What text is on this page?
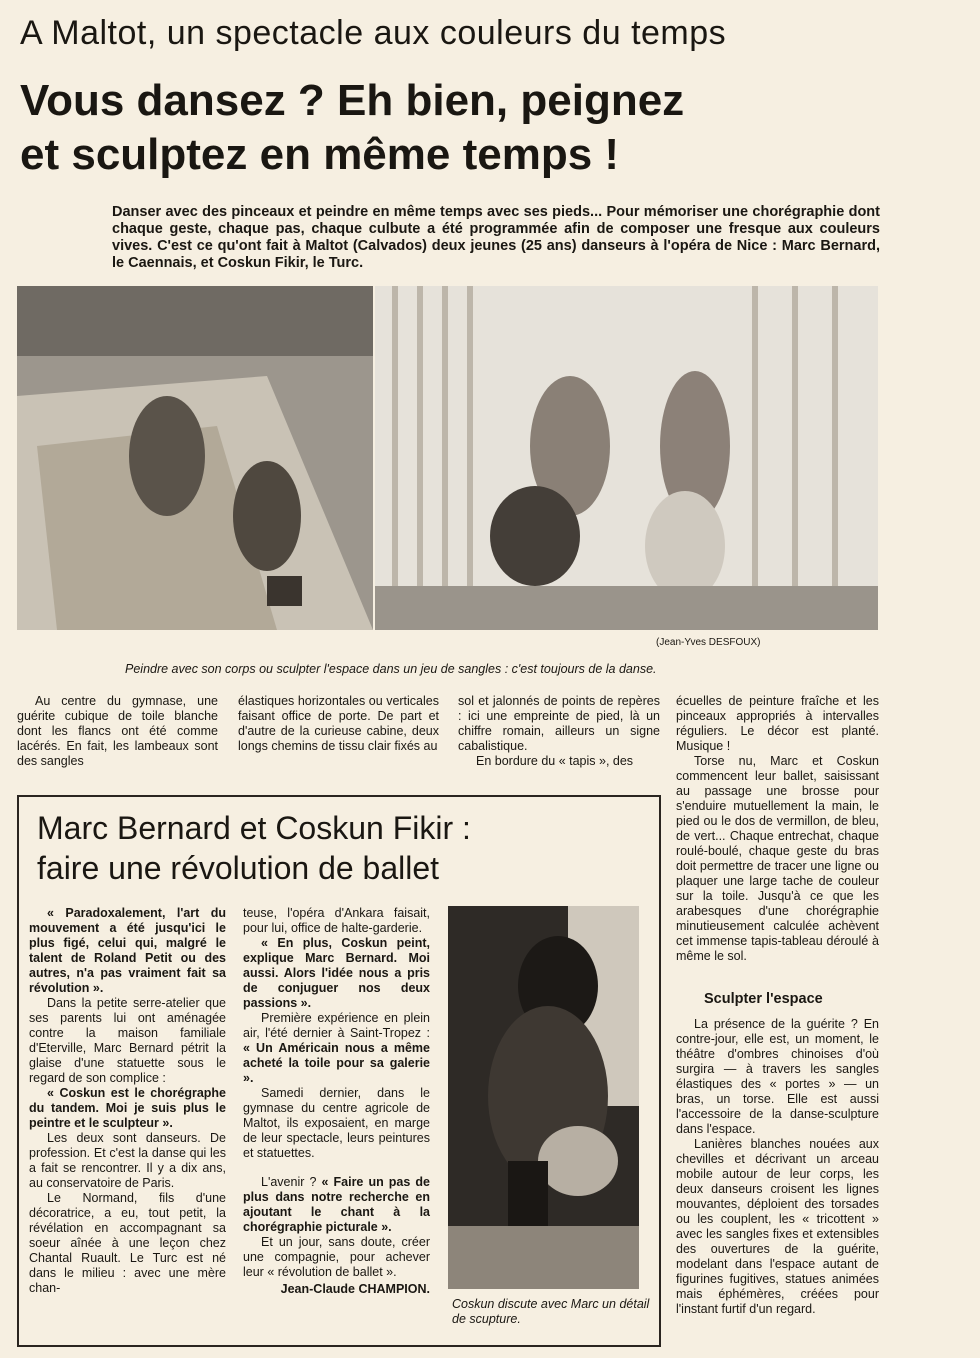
A Maltot, un spectacle aux couleurs du temps
Vous dansez ? Eh bien, peignez
et sculptez en même temps !
Danser avec des pinceaux et peindre en même temps avec ses pieds... Pour mémoriser une chorégraphie dont chaque geste, chaque pas, chaque culbute a été programmée afin de composer une fresque aux couleurs vives. C'est ce qu'ont fait à Maltot (Calvados) deux jeunes (25 ans) danseurs à l'opéra de Nice : Marc Bernard, le Caennais, et Coskun Fikir, le Turc.
(Jean-Yves DESFOUX)
Peindre avec son corps ou sculpter l'espace dans un jeu de sangles : c'est toujours de la danse.

Au centre du gymnase, une guérite cubique de toile blanche dont les flancs ont été comme lacérés. En fait, les lambeaux sont des sangles

élastiques horizontales ou verticales faisant office de porte. De part et d'autre de la curieuse cabine, deux longs chemins de tissu clair fixés au

sol et jalonnés de points de repères : ici une empreinte de pied, là un chiffre romain, ailleurs un signe cabalistique.

En bordure du « tapis », des

écuelles de peinture fraîche et les pinceaux appropriés à intervalles réguliers. Le décor est planté. Musique !

Torse nu, Marc et Coskun commencent leur ballet, saisissant au passage une brosse pour s'enduire mutuellement la main, le pied ou le dos de vermillon, de bleu, de vert... Chaque entrechat, chaque roulé-boulé, chaque geste du bras doit permettre de tracer une ligne ou plaquer une large tache de couleur sur la toile. Jusqu'à ce que les arabesques d'une chorégraphie minutieusement calculée achèvent cet immense tapis-tableau déroulé à même le sol.

Sculpter l'espace

La présence de la guérite ? En contre-jour, elle est, un moment, le théâtre d'ombres chinoises d'où surgira — à travers les sangles élastiques des « portes » — un bras, un torse. Elle est aussi l'accessoire de la danse-sculpture dans l'espace.

Lanières blanches nouées aux chevilles et décrivant un arceau mobile autour de leur corps, les deux danseurs croisent les lignes mouvantes, déploient des torsades ou les couplent, les « tricottent » avec les sangles fixes et extensibles des ouvertures de la guérite, modelant dans l'espace autant de figurines fugitives, statues animées mais éphémères, créées pour l'instant furtif d'un regard.

Marc Bernard et Coskun Fikir :
faire une révolution de ballet

« Paradoxalement, l'art du mouvement a été jusqu'ici le plus figé, celui qui, malgré le talent de Roland Petit ou des autres, n'a pas vraiment fait sa révolution ».

Dans la petite serre-atelier que ses parents lui ont aménagée contre la maison familiale d'Eterville, Marc Bernard pétrit la glaise d'une statuette sous le regard de son complice :

« Coskun est le chorégraphe du tandem. Moi je suis plus le peintre et le sculpteur ».

Les deux sont danseurs. De profession. Et c'est la danse qui les a fait se rencontrer. Il y a dix ans, au conservatoire de Paris.

Le Normand, fils d'une décoratrice, a eu, tout petit, la révélation en accompagnant sa soeur aînée à une leçon chez Chantal Ruault. Le Turc est né dans le milieu : avec une mère chan-

teuse, l'opéra d'Ankara faisait, pour lui, office de halte-garderie.

« En plus, Coskun peint, explique Marc Bernard. Moi aussi. Alors l'idée nous a pris de conjuguer nos deux passions ».

Première expérience en plein air, l'été dernier à Saint-Tropez : « Un Américain nous a même acheté la toile pour sa galerie ».

Samedi dernier, dans le gymnase du centre agricole de Maltot, ils exposaient, en marge de leur spectacle, leurs peintures et statuettes.

L'avenir ? « Faire un pas de plus dans notre recherche en ajoutant le chant à la chorégraphie picturale ».

Et un jour, sans doute, créer une compagnie, pour achever leur « révolution de ballet ».

Jean-Claude CHAMPION.

Coskun discute avec Marc un détail de scupture.
